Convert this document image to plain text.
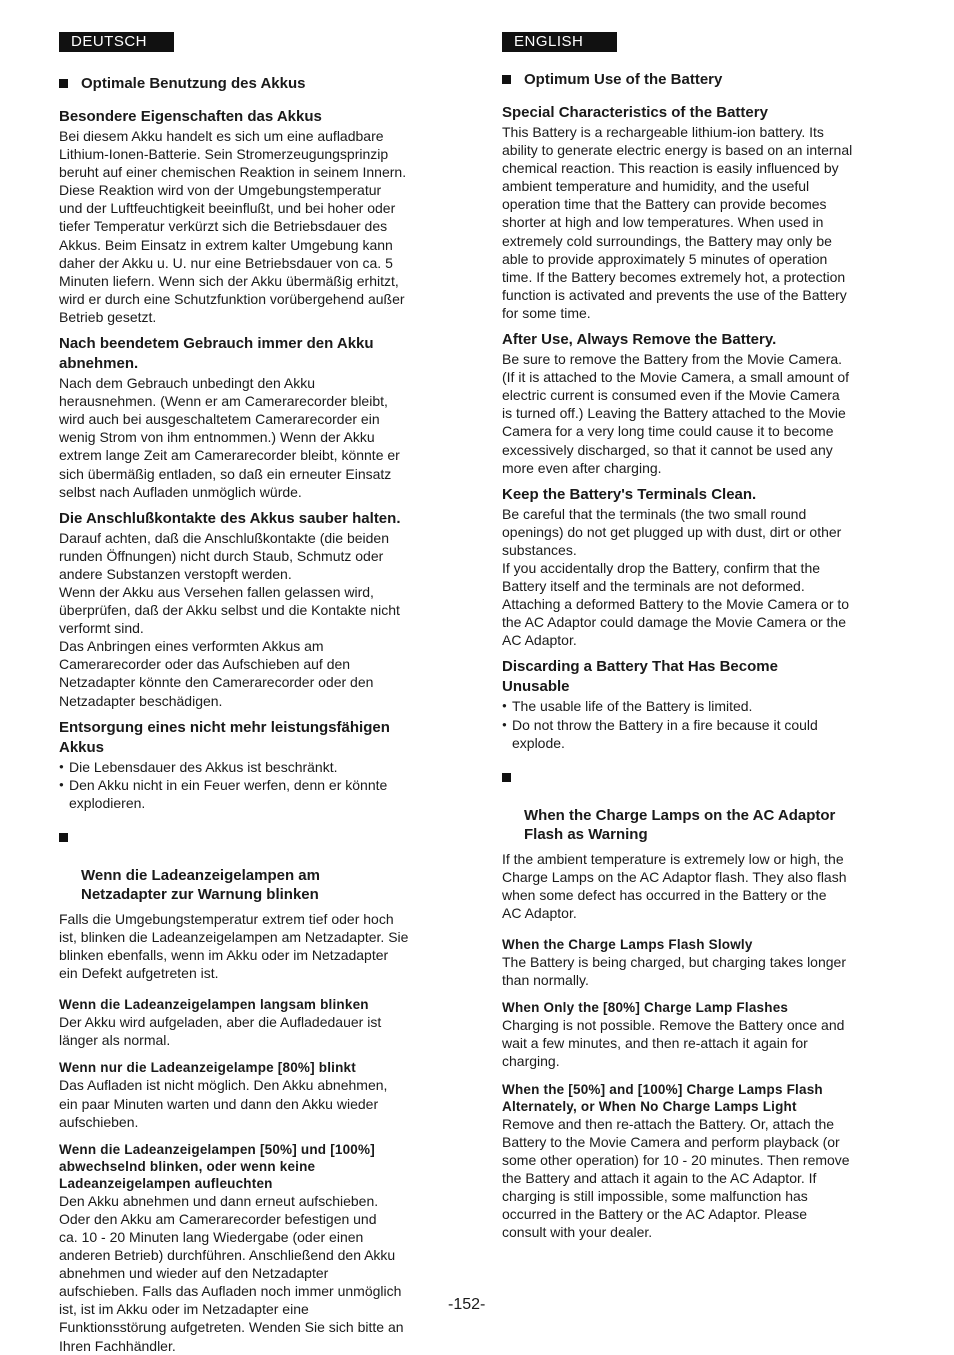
DEUTSCH
Optimale Benutzung des Akkus
Besondere Eigenschaften das Akkus

Bei diesem Akku handelt es sich um eine aufladbare
Lithium-Ionen-Batterie. Sein Stromerzeugungsprinzip
beruht auf einer chemischen Reaktion in seinem Innern.
Diese Reaktion wird von der Umgebungstemperatur
und der Luftfeuchtigkeit beeinflußt, und bei hoher oder
tiefer Temperatur verkürzt sich die Betriebsdauer des
Akkus. Beim Einsatz in extrem kalter Umgebung kann
daher der Akku u. U. nur eine Betriebsdauer von ca. 5
Minuten liefern. Wenn sich der Akku übermäßig erhitzt,
wird er durch eine Schutzfunktion vorübergehend außer
Betrieb gesetzt.

Nach beendetem Gebrauch immer den Akku
abnehmen.

Nach dem Gebrauch unbedingt den Akku
herausnehmen. (Wenn er am Camerarecorder bleibt,
wird auch bei ausgeschaltetem Camerarecorder ein
wenig Strom von ihm entnommen.) Wenn der Akku
extrem lange Zeit am Camerarecorder bleibt, könnte er
sich übermäßig entladen, so daß ein erneuter Einsatz
selbst nach Aufladen unmöglich würde.

Die Anschlußkontakte des Akkus sauber halten.

Darauf achten, daß die Anschlußkontakte (die beiden
runden Öffnungen) nicht durch Staub, Schmutz oder
andere Substanzen verstopft werden.
Wenn der Akku aus Versehen fallen gelassen wird,
überprüfen, daß der Akku selbst und die Kontakte nicht
verformt sind.
Das Anbringen eines verformten Akkus am
Camerarecorder oder das Aufschieben auf den
Netzadapter könnte den Camerarecorder oder den
Netzadapter beschädigen.

Entsorgung eines nicht mehr leistungsfähigen
Akkus
● Die Lebensdauer des Akkus ist beschränkt.
● Den Akku nicht in ein Feuer werfen, denn er könnte
explodieren.

Wenn die Ladeanzeigelampen am
Netzadapter zur Warnung blinken

Falls die Umgebungstemperatur extrem tief oder hoch
ist, blinken die Ladeanzeigelampen am Netzadapter. Sie
blinken ebenfalls, wenn im Akku oder im Netzadapter
ein Defekt aufgetreten ist.

Wenn die Ladeanzeigelampen langsam blinken

Der Akku wird aufgeladen, aber die Aufladedauer ist
länger als normal.

Wenn nur die Ladeanzeigelampe [80%] blinkt

Das Aufladen ist nicht möglich. Den Akku abnehmen,
ein paar Minuten warten und dann den Akku wieder
aufschieben.

Wenn die Ladeanzeigelampen [50%] und [100%]
abwechselnd blinken, oder wenn keine
Ladeanzeigelampen aufleuchten

Den Akku abnehmen und dann erneut aufschieben.
Oder den Akku am Camerarecorder befestigen und
ca. 10 - 20 Minuten lang Wiedergabe (oder einen
anderen Betrieb) durchführen. Anschließend den Akku
abnehmen und wieder auf den Netzadapter
aufschieben. Falls das Aufladen noch immer unmöglich
ist, ist im Akku oder im Netzadapter eine
Funktionsstörung aufgetreten. Wenden Sie sich bitte an
Ihren Fachhändler.

ENGLISH
Optimum Use of the Battery
Special Characteristics of the Battery

This Battery is a rechargeable lithium-ion battery. Its
ability to generate electric energy is based on an internal
chemical reaction. This reaction is easily influenced by
ambient temperature and humidity, and the useful
operation time that the Battery can provide becomes
shorter at high and low temperatures. When used in
extremely cold surroundings, the Battery may only be
able to provide approximately 5 minutes of operation
time. If the Battery becomes extremely hot, a protection
function is activated and prevents the use of the Battery
for some time.

After Use, Always Remove the Battery.

Be sure to remove the Battery from the Movie Camera.
(If it is attached to the Movie Camera, a small amount of
electric current is consumed even if the Movie Camera
is turned off.) Leaving the Battery attached to the Movie
Camera for a very long time could cause it to become
excessively discharged, so that it cannot be used any
more even after charging.

Keep the Battery's Terminals Clean.

Be careful that the terminals (the two small round
openings) do not get plugged up with dust, dirt or other
substances.
If you accidentally drop the Battery, confirm that the
Battery itself and the terminals are not deformed.
Attaching a deformed Battery to the Movie Camera or to
the AC Adaptor could damage the Movie Camera or the
AC Adaptor.

Discarding a Battery That Has Become
Unusable
● The usable life of the Battery is limited.
● Do not throw the Battery in a fire because it could
explode.

When the Charge Lamps on the AC Adaptor
Flash as Warning

If the ambient temperature is extremely low or high, the
Charge Lamps on the AC Adaptor flash. They also flash
when some defect has occurred in the Battery or the
AC Adaptor.

When the Charge Lamps Flash Slowly

The Battery is being charged, but charging takes longer
than normally.

When Only the [80%] Charge Lamp Flashes

Charging is not possible. Remove the Battery once and
wait a few minutes, and then re-attach it again for
charging.

When the [50%] and [100%] Charge Lamps Flash
Alternately, or When No Charge Lamps Light

Remove and then re-attach the Battery. Or, attach the
Battery to the Movie Camera and perform playback (or
some other operation) for 10 - 20 minutes. Then remove
the Battery and attach it again to the AC Adaptor. If
charging is still impossible, some malfunction has
occurred in the Battery or the AC Adaptor. Please
consult with your dealer.

-152-
